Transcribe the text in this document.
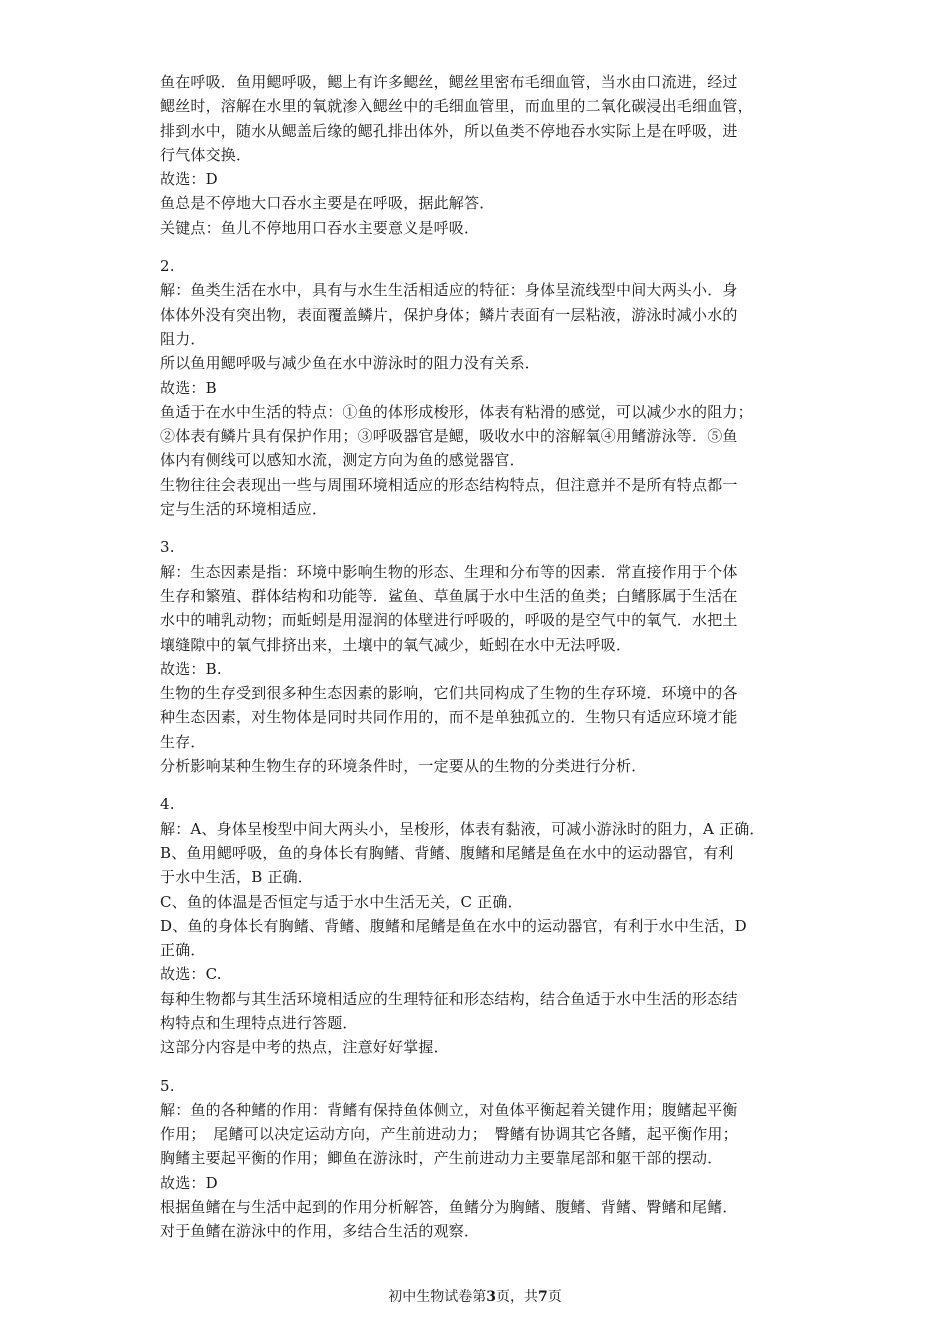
鱼在呼吸．鱼用鳃呼吸，鳃上有许多鳃丝，鳃丝里密布毛细血管，当水由口流进，经过
鳃丝时，溶解在水里的氧就渗入鳃丝中的毛细血管里，而血里的二氧化碳浸出毛细血管，
排到水中，随水从鳃盖后缘的鳃孔排出体外，所以鱼类不停地吞水实际上是在呼吸，进
行气体交换．
故选：D
鱼总是不停地大口吞水主要是在呼吸，据此解答．
关键点：鱼儿不停地用口吞水主要意义是呼吸．
2.
解：鱼类生活在水中，具有与水生生活相适应的特征：身体呈流线型中间大两头小．身
体体外没有突出物，表面覆盖鳞片，保护身体；鳞片表面有一层粘液，游泳时减小水的
阻力．
所以鱼用鳃呼吸与减少鱼在水中游泳时的阻力没有关系．
故选：B
鱼适于在水中生活的特点：①鱼的体形成梭形，体表有粘滑的感觉，可以减少水的阻力；
②体表有鳞片具有保护作用；③呼吸器官是鳃，吸收水中的溶解氧④用鳍游泳等．⑤鱼
体内有侧线可以感知水流，测定方向为鱼的感觉器官．
生物往往会表现出一些与周围环境相适应的形态结构特点，但注意并不是所有特点都一
定与生活的环境相适应．
3.
解：生态因素是指：环境中影响生物的形态、生理和分布等的因素．常直接作用于个体
生存和繁殖、群体结构和功能等．鲨鱼、草鱼属于水中生活的鱼类；白鳍豚属于生活在
水中的哺乳动物；而蚯蚓是用湿润的体壁进行呼吸的，呼吸的是空气中的氧气．水把土
壤缝隙中的氧气排挤出来，土壤中的氧气减少，蚯蚓在水中无法呼吸．
故选：B.
生物的生存受到很多种生态因素的影响，它们共同构成了生物的生存环境．环境中的各
种生态因素，对生物体是同时共同作用的，而不是单独孤立的．生物只有适应环境才能
生存．
分析影响某种生物生存的环境条件时，一定要从的生物的分类进行分析．
4.
解：A、身体呈梭型中间大两头小，呈梭形，体表有黏液，可减小游泳时的阻力，A 正确．
B、鱼用鳃呼吸，鱼的身体长有胸鳍、背鳍、腹鳍和尾鳍是鱼在水中的运动器官，有利
于水中生活，B 正确．
C、鱼的体温是否恒定与适于水中生活无关，C 正确．
D、鱼的身体长有胸鳍、背鳍、腹鳍和尾鳍是鱼在水中的运动器官，有利于水中生活，D
正确．
故选：C.
每种生物都与其生活环境相适应的生理特征和形态结构，结合鱼适于水中生活的形态结
构特点和生理特点进行答题．
这部分内容是中考的热点，注意好好掌握．
5.
解：鱼的各种鳍的作用：背鳍有保持鱼体侧立，对鱼体平衡起着关键作用；腹鳍起平衡
作用；　尾鳍可以决定运动方向，产生前进动力；　臀鳍有协调其它各鳍，起平衡作用；
胸鳍主要起平衡的作用；鲫鱼在游泳时，产生前进动力主要靠尾部和躯干部的摆动．
故选：D
根据鱼鳍在与生活中起到的作用分析解答，鱼鳍分为胸鳍、腹鳍、背鳍、臀鳍和尾鳍．
对于鱼鳍在游泳中的作用，多结合生活的观察．
初中生物试卷第3页，共7页
